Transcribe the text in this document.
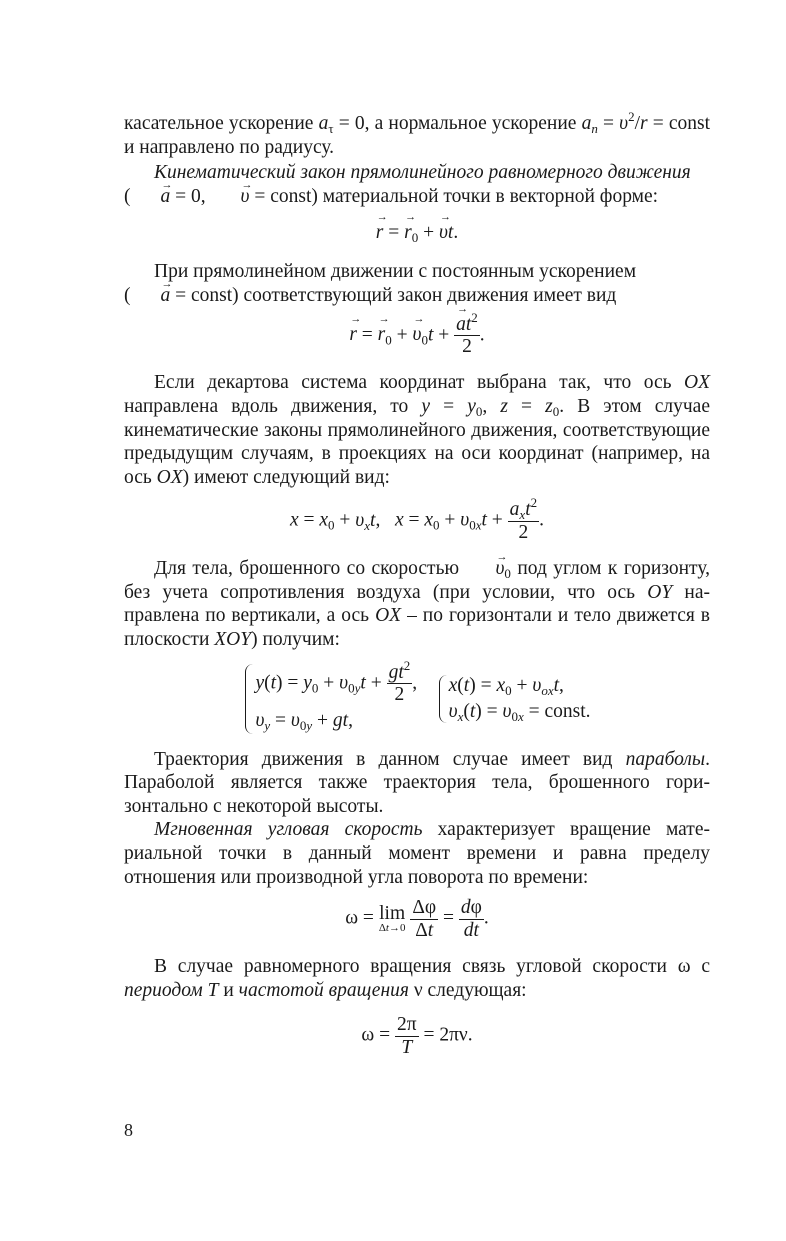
касательное ускорение $a_\tau = 0$, а нормальное ускорение $a_n = \upsilon^2/r$ = const и направлено по радиусу.

Кинематический закон прямолинейного равномерного движения
( → a = 0, → υ = const) материальной точки в векторной форме:

→ r = → $r_0$ + → υt.

При прямолинейном движении с постоянным ускорением
( → a = const) соответствующий закон движения имеет вид

→ r = → $r_0$ + → $\upsilon_0t$ + → $\frac{at^2}{2}$ .

Если декартова система координат выбрана так, что ось OX направлена вдоль движения, то $y = y_0$, $z = z_0$. В этом случае кинематические законы прямолинейного движения, соответствующие предыдущим случаям, в проекциях на оси координат (например, на ось OX) имеют следующий вид:

$x = x_0 + \upsilon_xt$,   $x = x_0 + \upsilon_{0x}t + \frac{a_xt^2}{2}$ .

Для тела, брошенного со скоростью → $\upsilon_0$ под углом к горизонту, без учета сопротивления воздуха (при условии, что ось OY направлена по вертикали, а ось OX – по горизонтали и тело движется в плоскости XOY) получим:

$y(t) = y_0 + \upsilon_{0y}t + \frac{gt^2}{2}$ ,
$\upsilon_y = \upsilon_{0y}$ + gt,

$x(t) = x_0 + \upsilon_{ox}t$,
$\upsilon_x(t) = \upsilon_{0x}$ = const.

Траектория движения в данном случае имеет вид параболы. Параболой является также траектория тела, брошенного горизонтально с некоторой высоты.

Мгновенная угловая скорость характеризует вращение материальной точки в данный момент времени и равна пределу отношения или производной угла поворота по времени:

ω = lim
Δt→0
$\frac{\Delta\varphi}{\Delta t} = \frac{d\varphi}{dt}$ .

В случае равномерного вращения связь угловой скорости ω с периодом T и частотой вращения ν следующая:

$\omega = \frac{2\pi}{T} = 2\pi\nu$.

8
